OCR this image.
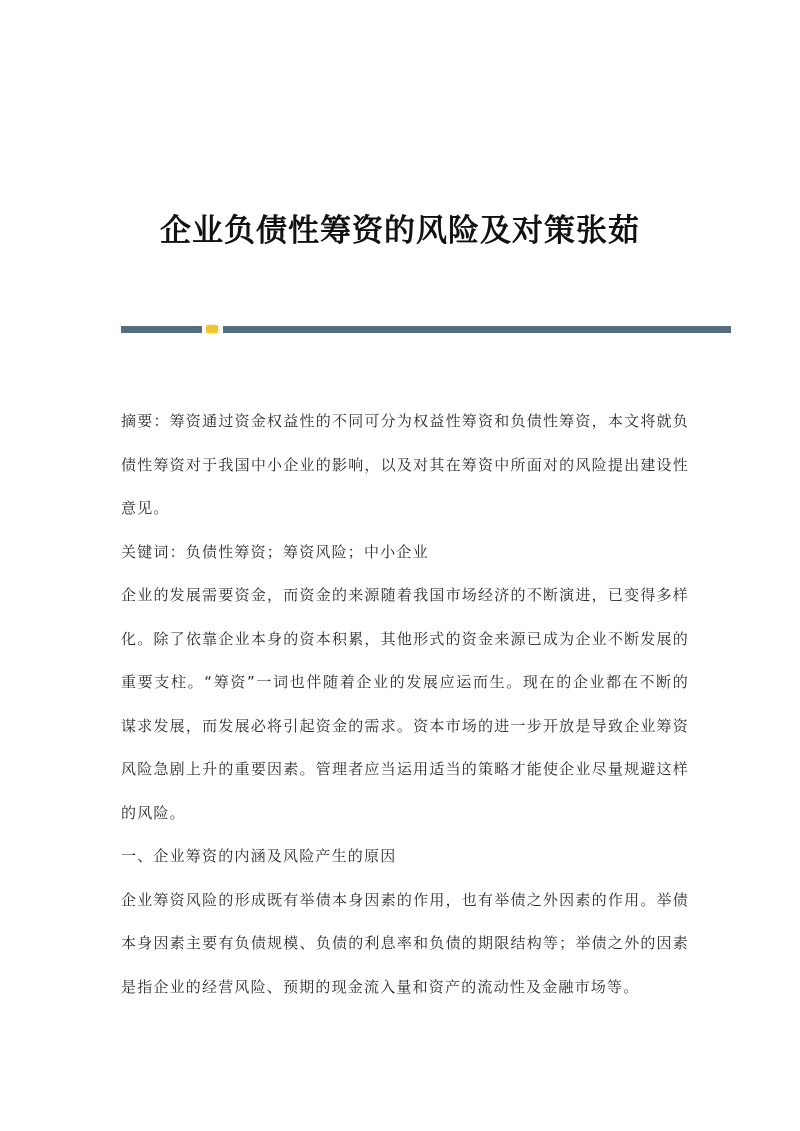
企业负债性筹资的风险及对策张茹

摘要：筹资通过资金权益性的不同可分为权益性筹资和负债性筹资，本文将就负债性筹资对于我国中小企业的影响，以及对其在筹资中所面对的风险提出建设性意见。

关键词：负债性筹资；筹资风险；中小企业

企业的发展需要资金，而资金的来源随着我国市场经济的不断演进，已变得多样化。除了依靠企业本身的资本积累，其他形式的资金来源已成为企业不断发展的重要支柱。“筹资”一词也伴随着企业的发展应运而生。现在的企业都在不断的谋求发展，而发展必将引起资金的需求。资本市场的进一步开放是导致企业筹资风险急剧上升的重要因素。管理者应当运用适当的策略才能使企业尽量规避这样的风险。

一、企业筹资的内涵及风险产生的原因

企业筹资风险的形成既有举债本身因素的作用，也有举债之外因素的作用。举债本身因素主要有负债规模、负债的利息率和负债的期限结构等；举债之外的因素是指企业的经营风险、预期的现金流入量和资产的流动性及金融市场等。
